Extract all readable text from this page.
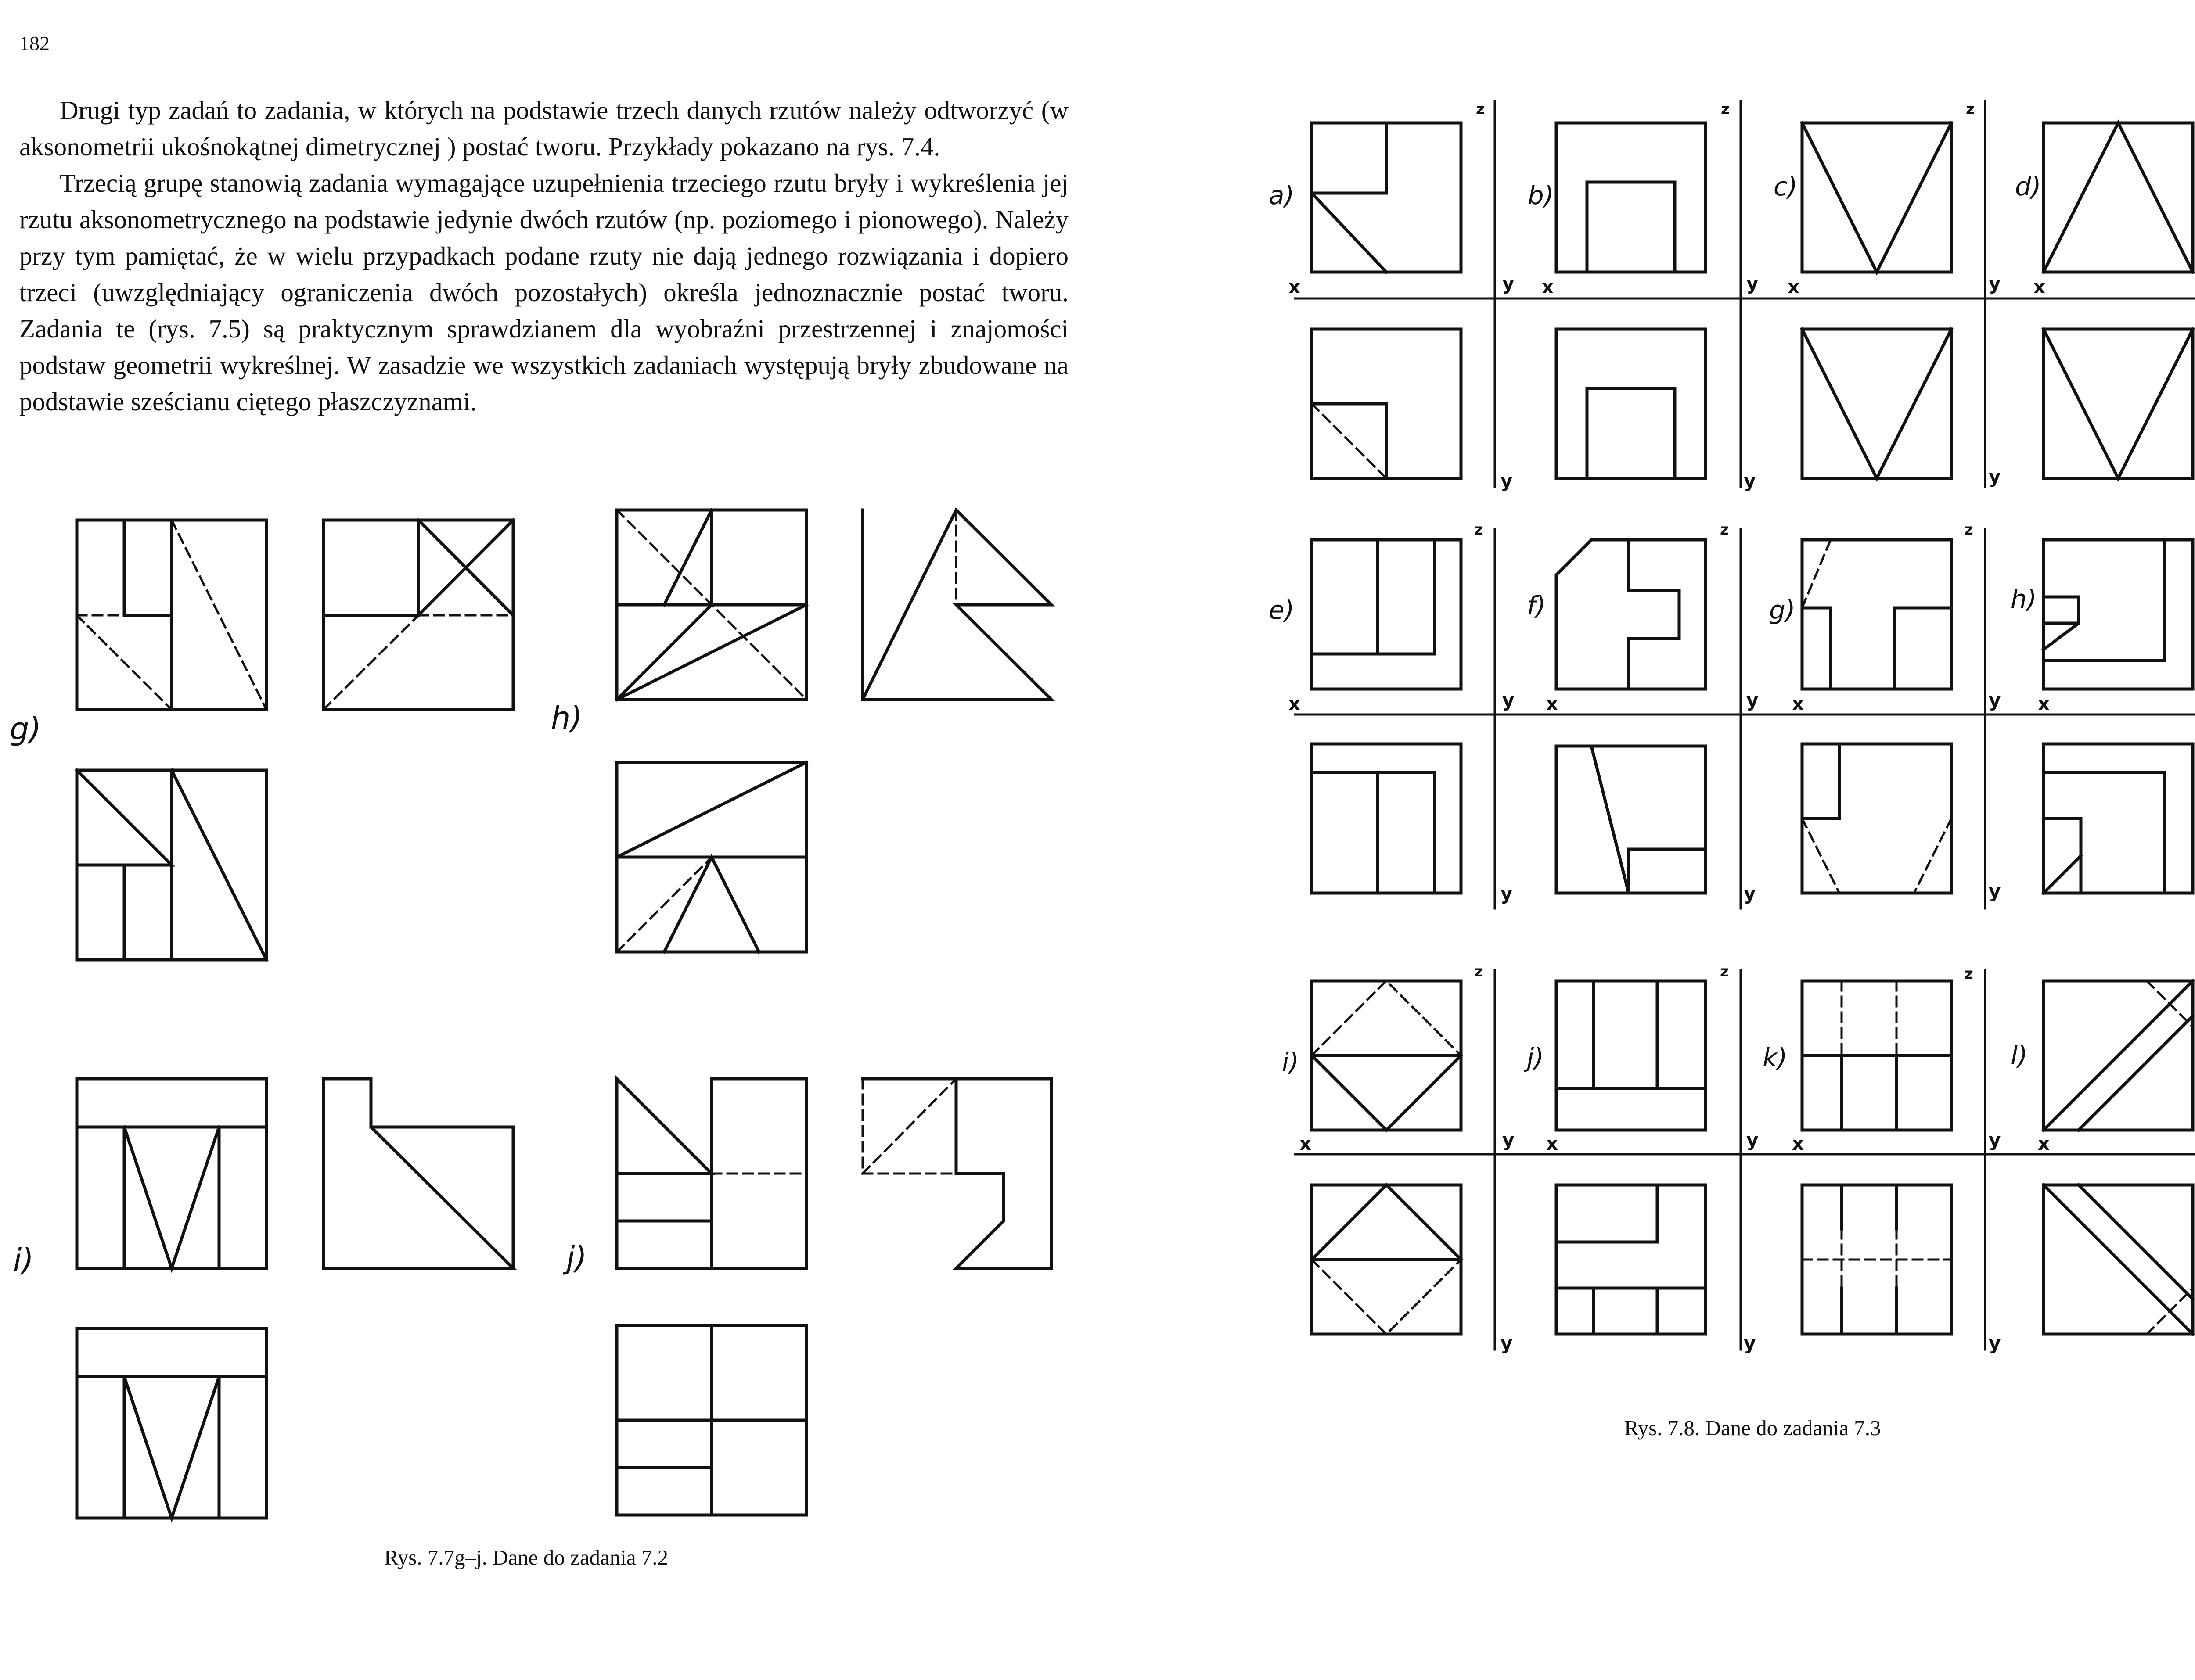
182

Drugi typ zadań to zadania, w których na podstawie trzech danych rzutów należy odtworzyć (w aksonometrii ukośnokątnej dimetrycznej ) postać tworu. Przykłady pokazano na rys. 7.4.

Trzecią grupę stanowią zadania wymagające uzupełnienia trzeciego rzutu bryły i wykreślenia jej rzutu aksonometrycznego na podstawie jedynie dwóch rzutów (np. poziomego i pionowego). Należy przy tym pamiętać, że w wielu przypadkach podane rzuty nie dają jednego rozwiązania i dopiero trzeci (uwzględniający ograniczenia dwóch pozostałych) określa jednoznacznie postać tworu. Zadania te (rys. 7.5) są praktycznym sprawdzianem dla wyobraźni przestrzennej i znajomości podstaw geometrii wykreślnej. W zasadzie we wszystkich zadaniach występują bryły zbudowane na podstawie sześcianu ciętego płaszczyznami.

Rys. 7.7g–j. Dane do zadania 7.2
Rys. 7.8. Dane do zadania 7.3
g)	h)
i)	j)
a)	b)	c)	d)
e)	f)	g)	h)
i)	j)	k)	l)
z	z	z
x	x	x	x
y	y	y
y	y	y
z	z	z
x	x	x	x
y	y	y
y	y	y
z	z	z
x	x	x	x
y	y	y
y	y	y
